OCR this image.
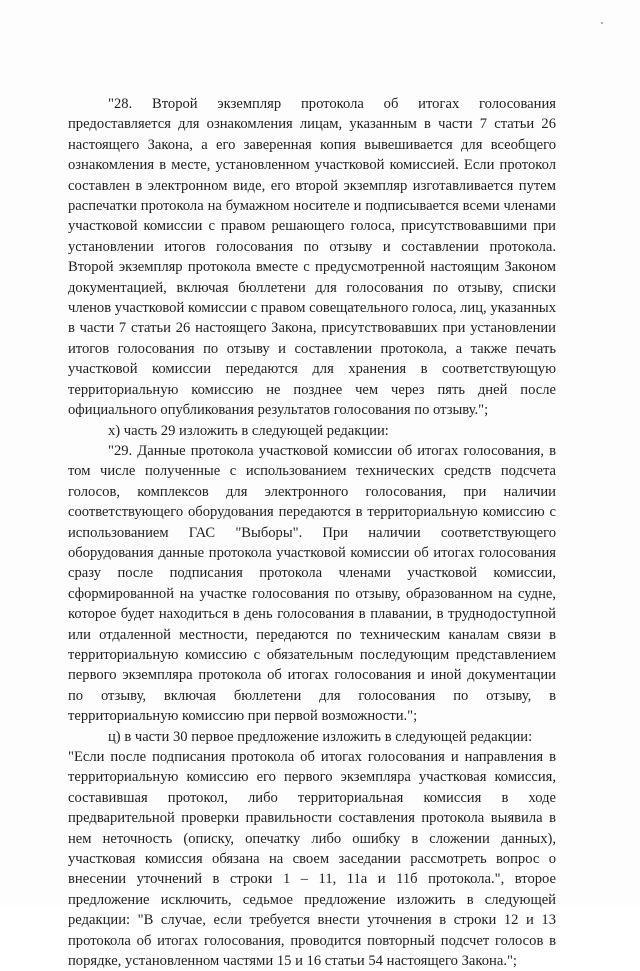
"28. Второй экземпляр протокола об итогах голосования предоставляется для ознакомления лицам, указанным в части 7 статьи 26 настоящего Закона, а его заверенная копия вывешивается для всеобщего ознакомления в месте, установленном участковой комиссией. Если протокол составлен в электронном виде, его второй экземпляр изготавливается путем распечатки протокола на бумажном носителе и подписывается всеми членами участковой комиссии с правом решающего голоса, присутствовавшими при установлении итогов голосования по отзыву и составлении протокола. Второй экземпляр протокола вместе с предусмотренной настоящим Законом документацией, включая бюллетени для голосования по отзыву, списки членов участковой комиссии с правом совещательного голоса, лиц, указанных в части 7 статьи 26 настоящего Закона, присутствовавших при установлении итогов голосования по отзыву и составлении протокола, а также печать участковой комиссии передаются для хранения в соответствующую территориальную комиссию не позднее чем через пять дней после официального опубликования результатов голосования по отзыву.";

х) часть 29 изложить в следующей редакции:

"29. Данные протокола участковой комиссии об итогах голосования, в том числе полученные с использованием технических средств подсчета голосов, комплексов для электронного голосования, при наличии соответствующего оборудования передаются в территориальную комиссию с использованием ГАС "Выборы". При наличии соответствующего оборудования данные протокола участковой комиссии об итогах голосования сразу после подписания протокола членами участковой комиссии, сформированной на участке голосования по отзыву, образованном на судне, которое будет находиться в день голосования в плавании, в труднодоступной или отдаленной местности, передаются по техническим каналам связи в территориальную комиссию с обязательным последующим представлением первого экземпляра протокола об итогах голосования и иной документации по отзыву, включая бюллетени для голосования по отзыву, в территориальную комиссию при первой возможности.";

ц) в части 30 первое предложение изложить в следующей редакции:

"Если после подписания протокола об итогах голосования и направления в территориальную комиссию его первого экземпляра участковая комиссия, составившая протокол, либо территориальная комиссия в ходе предварительной проверки правильности составления протокола выявила в нем неточность (описку, опечатку либо ошибку в сложении данных), участковая комиссия обязана на своем заседании рассмотреть вопрос о внесении уточнений в строки 1 – 11, 11а и 11б протокола.", второе предложение исключить, седьмое предложение изложить в следующей редакции: "В случае, если требуется внести уточнения в строки 12 и 13 протокола об итогах голосования, проводится повторный подсчет голосов в порядке, установленном частями 15 и 16 статьи 54 настоящего Закона.";
